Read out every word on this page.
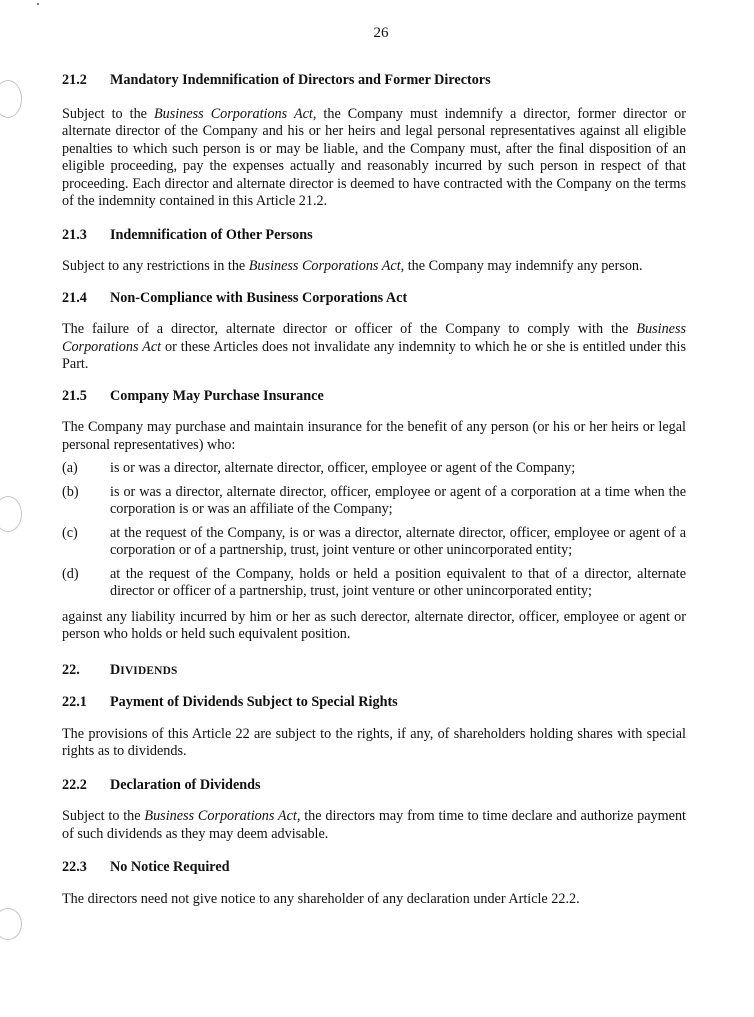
26
21.2 Mandatory Indemnification of Directors and Former Directors

Subject to the Business Corporations Act, the Company must indemnify a director, former director or alternate director of the Company and his or her heirs and legal personal representatives against all eligible penalties to which such person is or may be liable, and the Company must, after the final disposition of an eligible proceeding, pay the expenses actually and reasonably incurred by such person in respect of that proceeding. Each director and alternate director is deemed to have contracted with the Company on the terms of the indemnity contained in this Article 21.2.

21.3 Indemnification of Other Persons

Subject to any restrictions in the Business Corporations Act, the Company may indemnify any person.

21.4 Non-Compliance with Business Corporations Act

The failure of a director, alternate director or officer of the Company to comply with the Business Corporations Act or these Articles does not invalidate any indemnity to which he or she is entitled under this Part.

21.5 Company May Purchase Insurance

The Company may purchase and maintain insurance for the benefit of any person (or his or her heirs or legal personal representatives) who:

(a)	is or was a director, alternate director, officer, employee or agent of the Company;
(b)	is or was a director, alternate director, officer, employee or agent of a corporation at a time when the corporation is or was an affiliate of the Company;
(c)	at the request of the Company, is or was a director, alternate director, officer, employee or agent of a corporation or of a partnership, trust, joint venture or other unincorporated entity;
(d)	at the request of the Company, holds or held a position equivalent to that of a director, alternate director or officer of a partnership, trust, joint venture or other unincorporated entity;

against any liability incurred by him or her as such derector, alternate director, officer, employee or agent or person who holds or held such equivalent position.

22. DIVIDENDS
22.1 Payment of Dividends Subject to Special Rights

The provisions of this Article 22 are subject to the rights, if any, of shareholders holding shares with special rights as to dividends.

22.2 Declaration of Dividends

Subject to the Business Corporations Act, the directors may from time to time declare and authorize payment of such dividends as they may deem advisable.

22.3 No Notice Required

The directors need not give notice to any shareholder of any declaration under Article 22.2.
